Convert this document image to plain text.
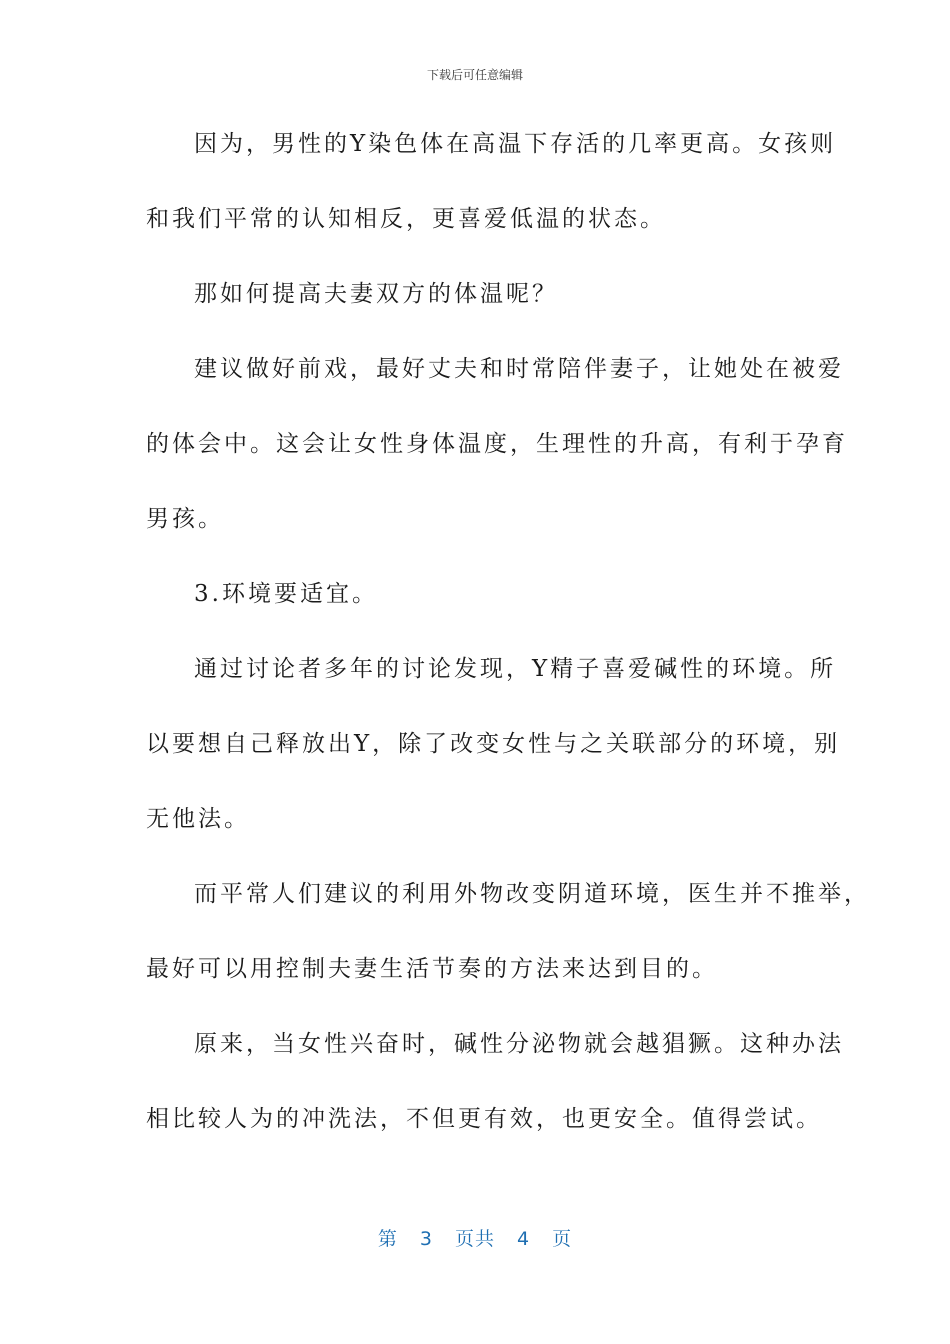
下载后可任意编辑
因为，男性的Y染色体在高温下存活的几率更高。女孩则
和我们平常的认知相反，更喜爱低温的状态。
那如何提高夫妻双方的体温呢？
建议做好前戏，最好丈夫和时常陪伴妻子，让她处在被爱
的体会中。这会让女性身体温度，生理性的升高，有利于孕育
男孩。
3.环境要适宜。
通过讨论者多年的讨论发现，Y精子喜爱碱性的环境。所
以要想自己释放出Y，除了改变女性与之关联部分的环境，别
无他法。
而平常人们建议的利用外物改变阴道环境，医生并不推举，
最好可以用控制夫妻生活节奏的方法来达到目的。
原来，当女性兴奋时，碱性分泌物就会越猖獗。这种办法
相比较人为的冲洗法，不但更有效，也更安全。值得尝试。
第 3 页共 4 页
